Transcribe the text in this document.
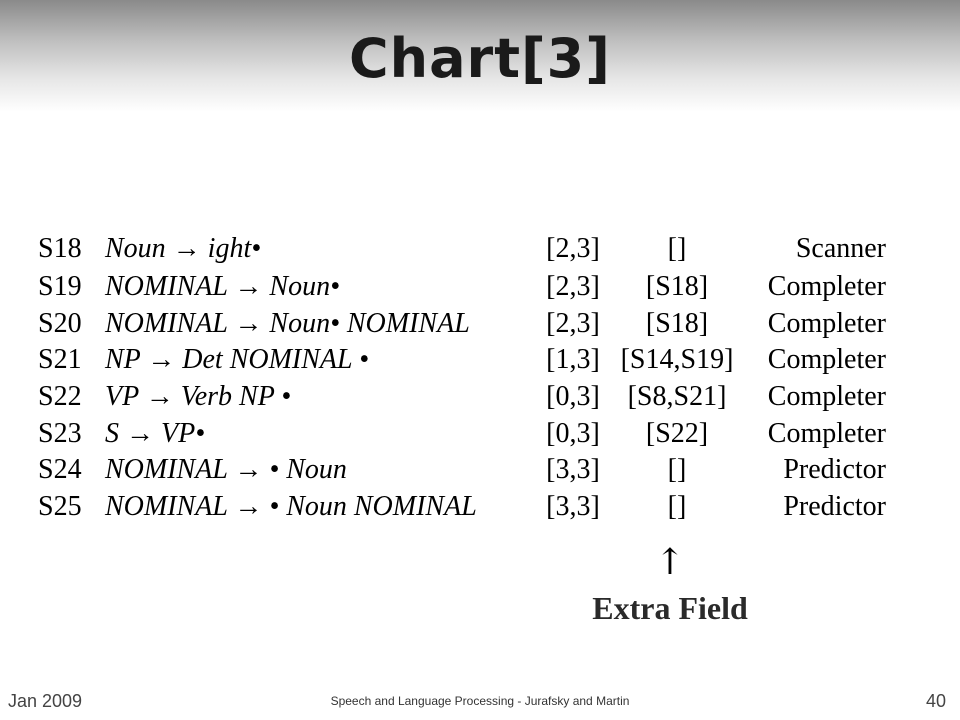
Chart[3]
S18 Noun → ight•	[2,3]	[]	Scanner
S19 NOMINAL → Noun•	[2,3]	[S18]	Completer
S20 NOMINAL → Noun• NOMINAL	[2,3]	[S18]	Completer
S21 NP → Det NOMINAL •	[1,3] [S14,S19]	Completer
S22 VP → Verb NP •	[0,3] [S8,S21]	Completer
S23 S → VP•	[0,3]	[S22]	Completer
S24 NOMINAL → • Noun	[3,3]	[]	Predictor
S25 NOMINAL → • Noun NOMINAL [3,3]	[]	Predictor
↑
Extra Field
Jan 2009	Speech and Language Processing - Jurafsky and Martin	40
